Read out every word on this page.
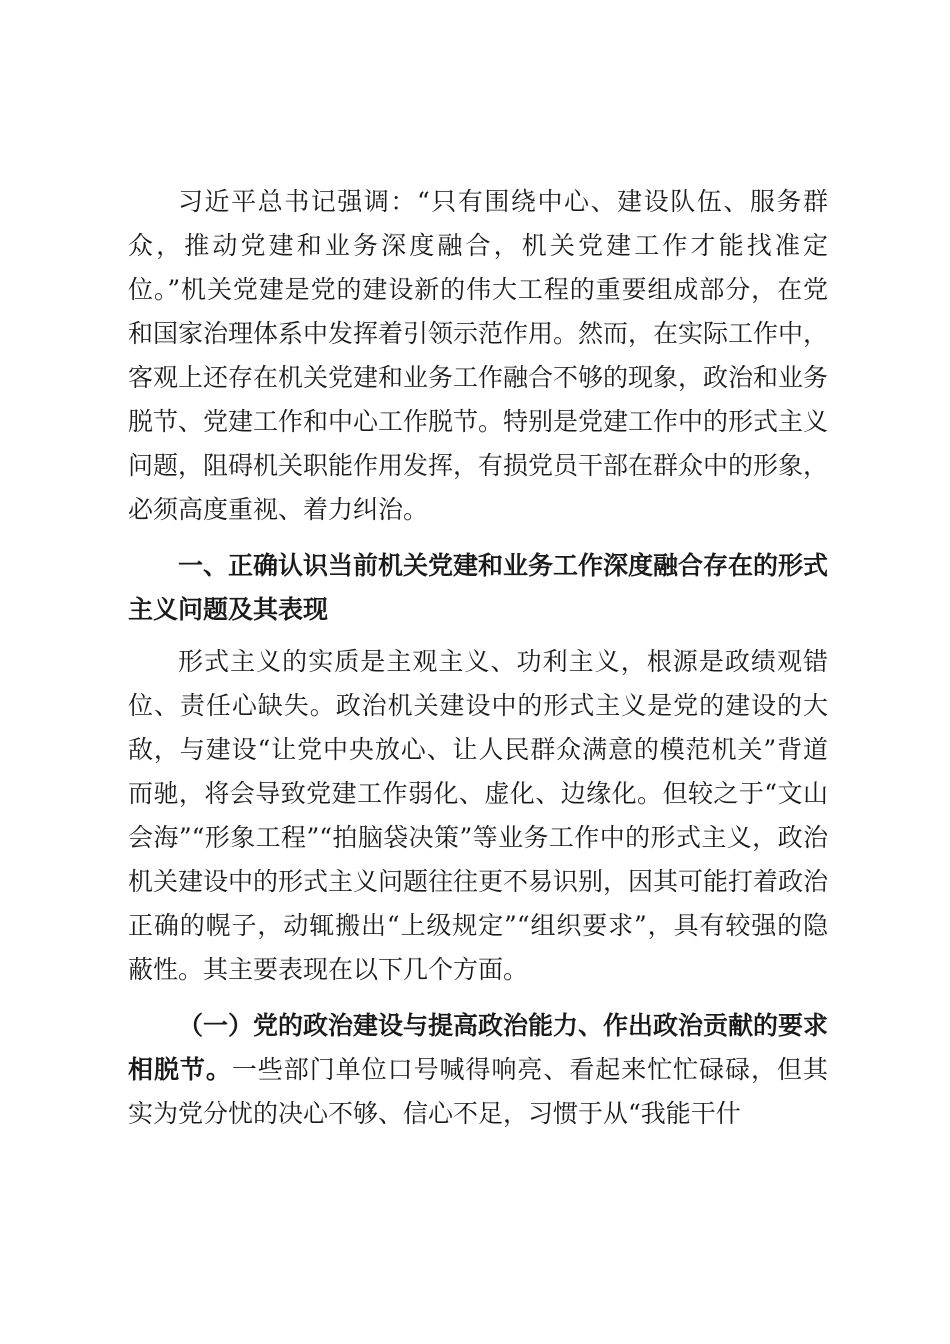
习近平总书记强调：“只有围绕中心、建设队伍、服务群众，推动党建和业务深度融合，机关党建工作才能找准定位。”机关党建是党的建设新的伟大工程的重要组成部分，在党和国家治理体系中发挥着引领示范作用。然而，在实际工作中，客观上还存在机关党建和业务工作融合不够的现象，政治和业务脱节、党建工作和中心工作脱节。特别是党建工作中的形式主义问题，阻碍机关职能作用发挥，有损党员干部在群众中的形象，必须高度重视、着力纠治。

一、正确认识当前机关党建和业务工作深度融合存在的形式主义问题及其表现

形式主义的实质是主观主义、功利主义，根源是政绩观错位、责任心缺失。政治机关建设中的形式主义是党的建设的大敌，与建设“让党中央放心、让人民群众满意的模范机关”背道而驰，将会导致党建工作弱化、虚化、边缘化。但较之于“文山会海”“形象工程”“拍脑袋决策”等业务工作中的形式主义，政治机关建设中的形式主义问题往往更不易识别，因其可能打着政治正确的幌子，动辄搬出“上级规定”“组织要求”，具有较强的隐蔽性。其主要表现在以下几个方面。

（一）党的政治建设与提高政治能力、作出政治贡献的要求相脱节。一些部门单位口号喊得响亮、看起来忙忙碌碌，但其实为党分忧的决心不够、信心不足，习惯于从“我能干什
